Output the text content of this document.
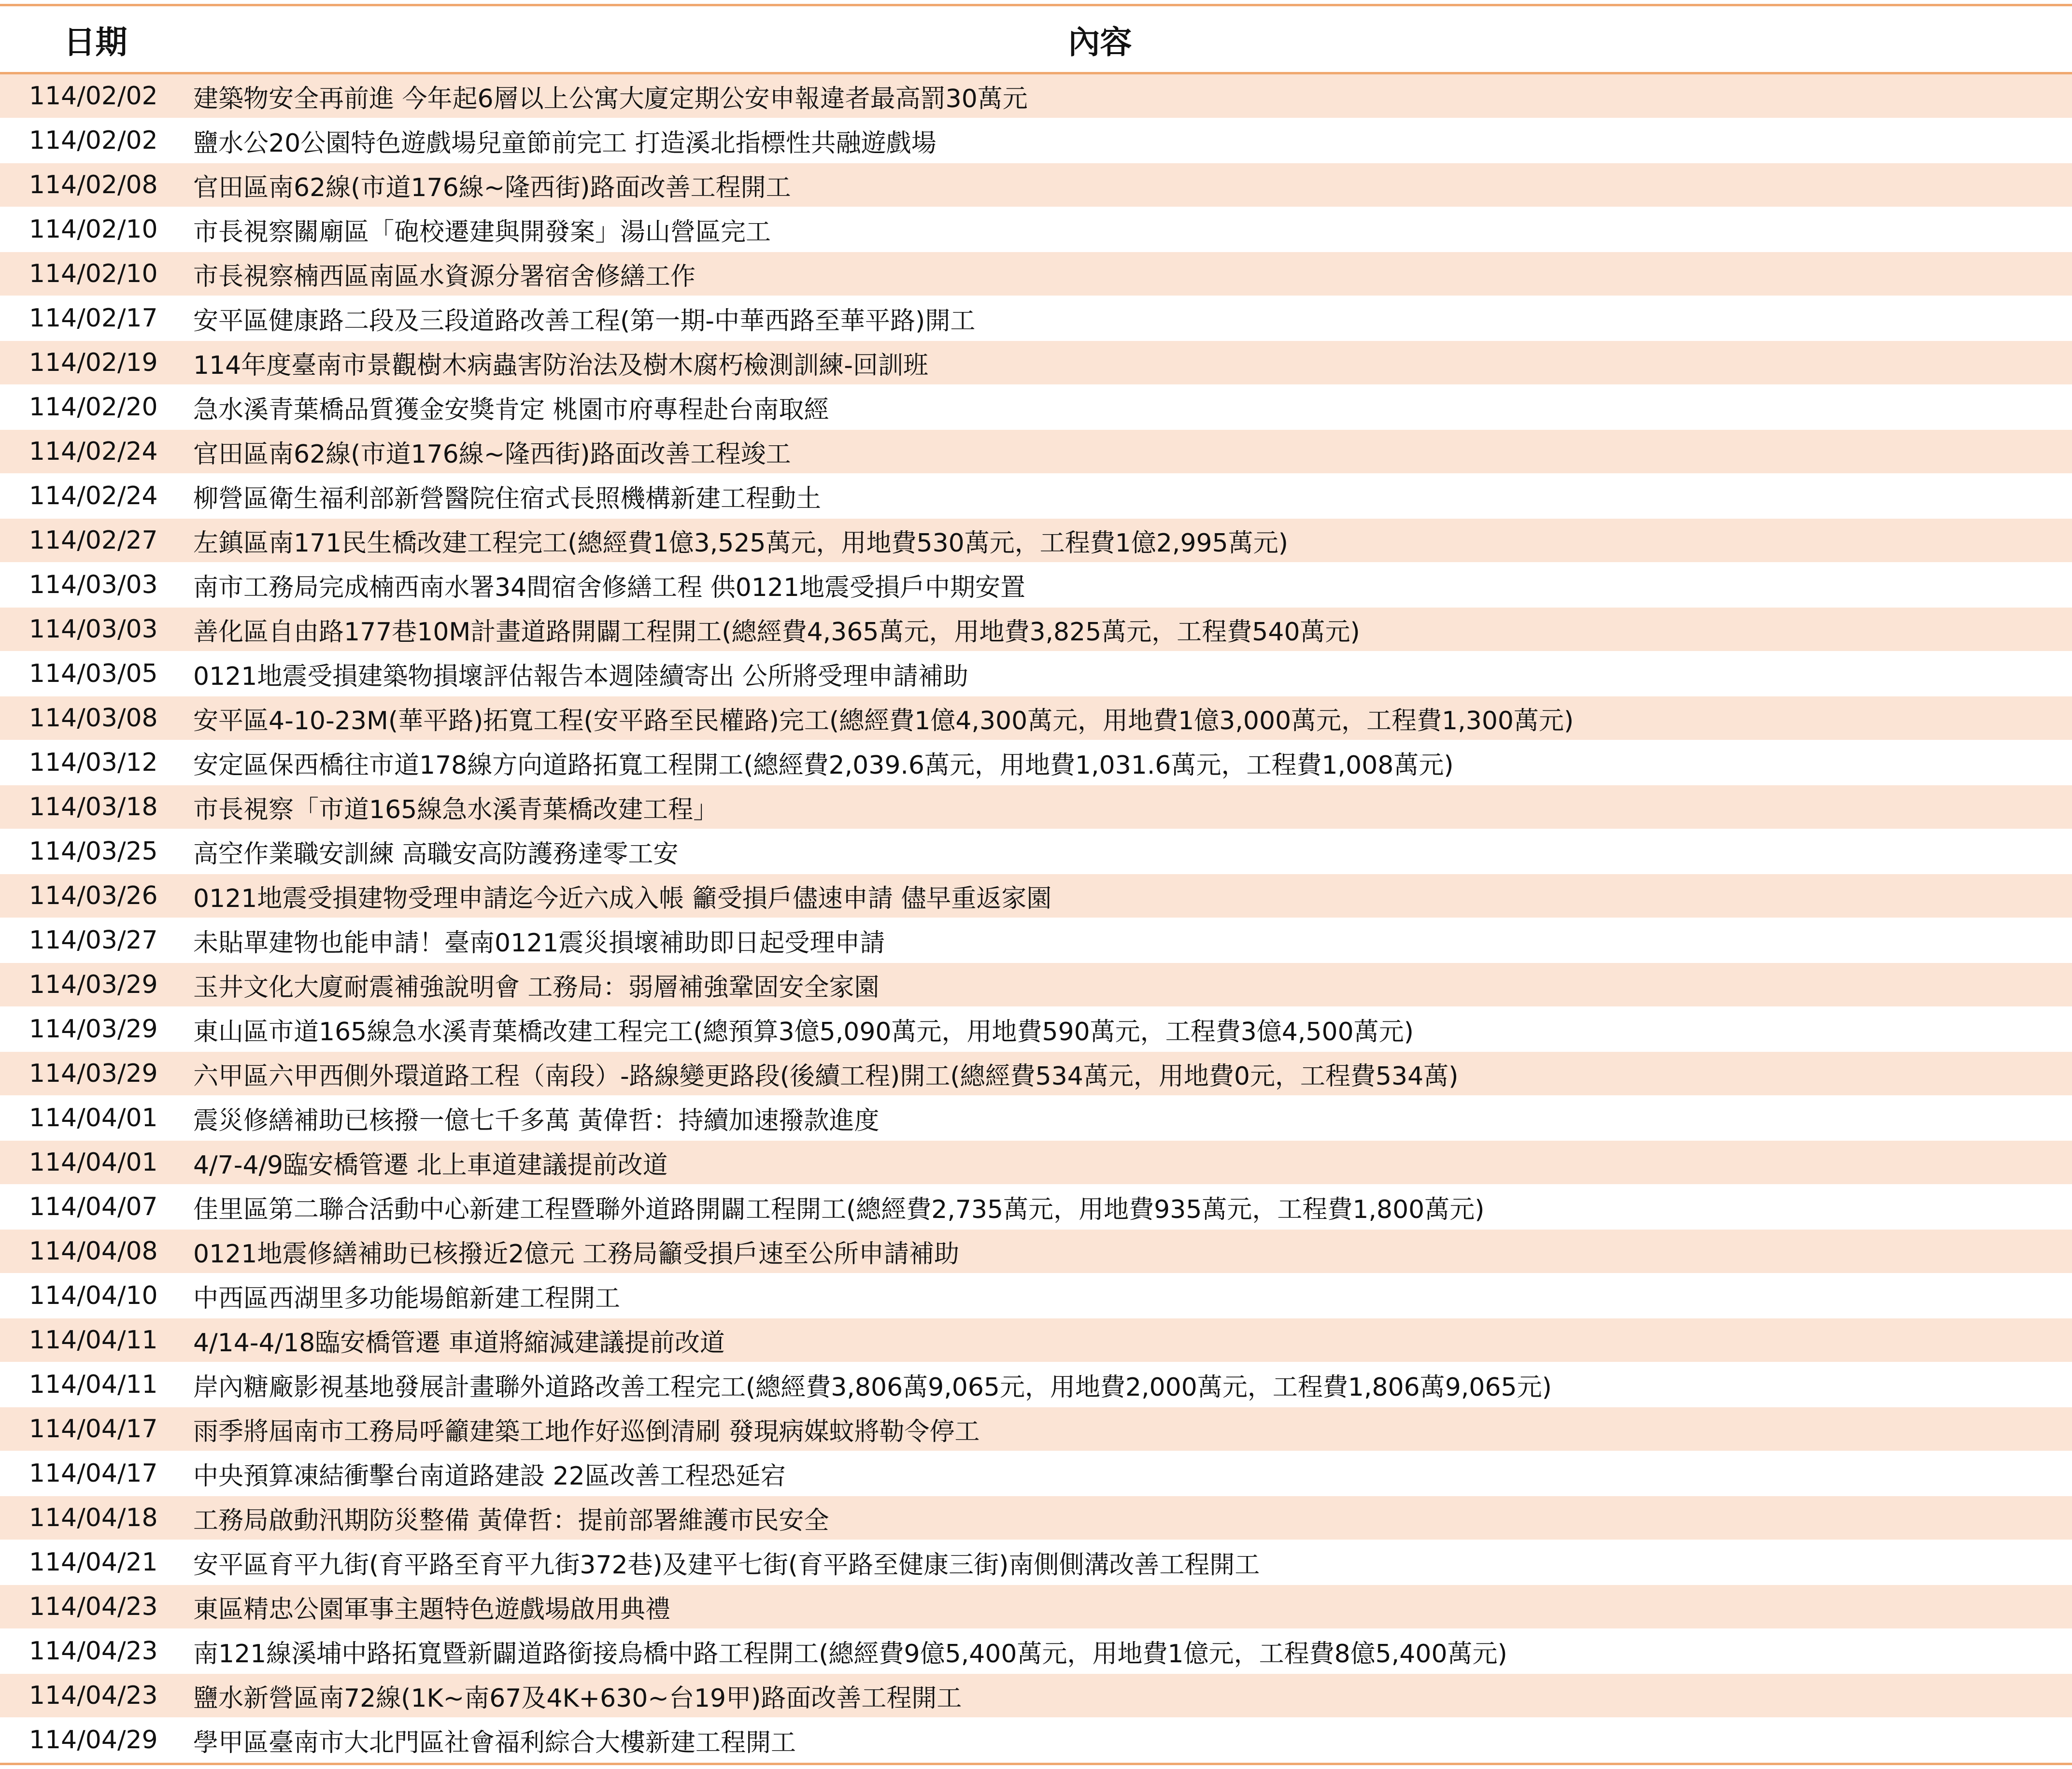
日期	內容
114/02/02	建築物安全再前進 今年起6層以上公寓大廈定期公安申報違者最高罰30萬元
114/02/02	鹽水公20公園特色遊戲場兒童節前完工 打造溪北指標性共融遊戲場
114/02/08	官田區南62線(市道176線~隆西街)路面改善工程開工
114/02/10	市長視察關廟區「砲校遷建與開發案」湯山營區完工
114/02/10	市長視察楠西區南區水資源分署宿舍修繕工作
114/02/17	安平區健康路二段及三段道路改善工程(第一期-中華西路至華平路)開工
114/02/19	114年度臺南市景觀樹木病蟲害防治法及樹木腐朽檢測訓練-回訓班
114/02/20	急水溪青葉橋品質獲金安獎肯定 桃園市府專程赴台南取經
114/02/24	官田區南62線(市道176線~隆西街)路面改善工程竣工
114/02/24	柳營區衛生福利部新營醫院住宿式長照機構新建工程動土
114/02/27	左鎮區南171民生橋改建工程完工(總經費1億3,525萬元，用地費530萬元，工程費1億2,995萬元)
114/03/03	南市工務局完成楠西南水署34間宿舍修繕工程 供0121地震受損戶中期安置
114/03/03	善化區自由路177巷10M計畫道路開闢工程開工(總經費4,365萬元，用地費3,825萬元，工程費540萬元)
114/03/05	0121地震受損建築物損壞評估報告本週陸續寄出 公所將受理申請補助
114/03/08	安平區4-10-23M(華平路)拓寬工程(安平路至民權路)完工(總經費1億4,300萬元，用地費1億3,000萬元，工程費1,300萬元)
114/03/12	安定區保西橋往市道178線方向道路拓寬工程開工(總經費2,039.6萬元，用地費1,031.6萬元，工程費1,008萬元)
114/03/18	市長視察「市道165線急水溪青葉橋改建工程」
114/03/25	高空作業職安訓練 高職安高防護務達零工安
114/03/26	0121地震受損建物受理申請迄今近六成入帳 籲受損戶儘速申請 儘早重返家園
114/03/27	未貼單建物也能申請！臺南0121震災損壞補助即日起受理申請
114/03/29	玉井文化大廈耐震補強說明會 工務局：弱層補強鞏固安全家園
114/03/29	東山區市道165線急水溪青葉橋改建工程完工(總預算3億5,090萬元，用地費590萬元，工程費3億4,500萬元)
114/03/29	六甲區六甲西側外環道路工程（南段）-路線變更路段(後續工程)開工(總經費534萬元，用地費0元，工程費534萬)
114/04/01	震災修繕補助已核撥一億七千多萬 黃偉哲：持續加速撥款進度
114/04/01	4/7-4/9臨安橋管遷 北上車道建議提前改道
114/04/07	佳里區第二聯合活動中心新建工程暨聯外道路開闢工程開工(總經費2,735萬元，用地費935萬元，工程費1,800萬元)
114/04/08	0121地震修繕補助已核撥近2億元 工務局籲受損戶速至公所申請補助
114/04/10	中西區西湖里多功能場館新建工程開工
114/04/11	4/14-4/18臨安橋管遷 車道將縮減建議提前改道
114/04/11	岸內糖廠影視基地發展計畫聯外道路改善工程完工(總經費3,806萬9,065元，用地費2,000萬元，工程費1,806萬9,065元)
114/04/17	雨季將屆南市工務局呼籲建築工地作好巡倒清刷 發現病媒蚊將勒令停工
114/04/17	中央預算凍結衝擊台南道路建設 22區改善工程恐延宕
114/04/18	工務局啟動汛期防災整備 黃偉哲：提前部署維護市民安全
114/04/21	安平區育平九街(育平路至育平九街372巷)及建平七街(育平路至健康三街)南側側溝改善工程開工
114/04/23	東區精忠公園軍事主題特色遊戲場啟用典禮
114/04/23	南121線溪埔中路拓寬暨新闢道路銜接烏橋中路工程開工(總經費9億5,400萬元，用地費1億元，工程費8億5,400萬元)
114/04/23	鹽水新營區南72線(1K~南67及4K+630~台19甲)路面改善工程開工
114/04/29	學甲區臺南市大北門區社會福利綜合大樓新建工程開工
